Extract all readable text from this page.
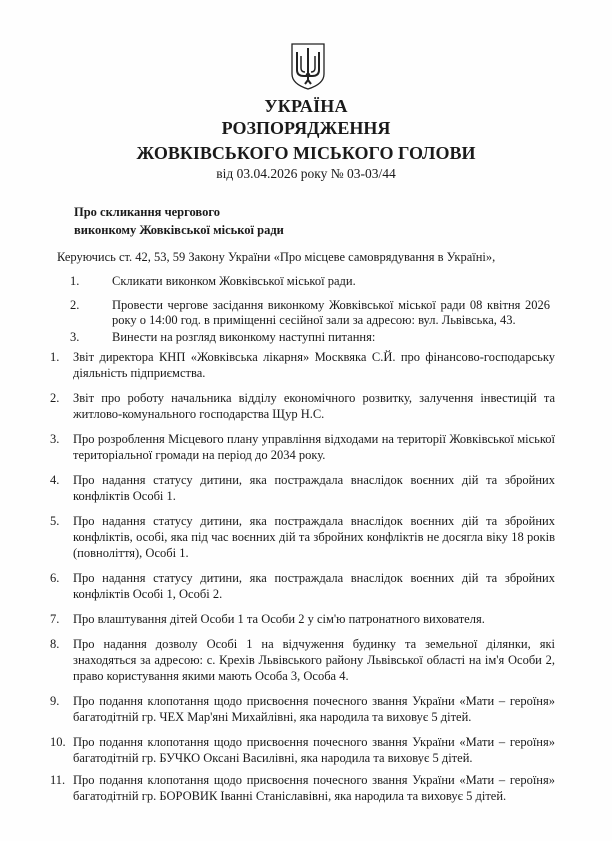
УКРАЇНА
РОЗПОРЯДЖЕННЯ
ЖОВКІВСЬКОГО МІСЬКОГО ГОЛОВИ
від 03.04.2026 року № 03-03/44
Про скликання чергового
виконкому Жовківської міської ради
Керуючись ст. 42, 53, 59 Закону України «Про місцеве самоврядування в Україні»,
1.	Скликати виконком Жовківської міської ради.
2.	Провести чергове засідання виконкому Жовківської міської ради 08 квітня 2026 року о 14:00 год. в приміщенні сесійної зали за адресою: вул. Львівська, 43.
3.	Винести на розгляд виконкому наступні питання:
1.	Звіт директора КНП «Жовківська лікарня» Москвяка С.Й. про фінансово-господарську діяльність підприємства.
2.	Звіт про роботу начальника відділу економічного розвитку, залучення інвестицій та житлово-комунального господарства Щур Н.С.
3.	Про розроблення Місцевого плану управління відходами на території Жовківської міської територіальної громади на період до 2034 року.
4.	Про надання статусу дитини, яка постраждала внаслідок воєнних дій та збройних конфліктів Особі 1.
5.	Про надання статусу дитини, яка постраждала внаслідок воєнних дій та збройних конфліктів, особі, яка під час воєнних дій та збройних конфліктів не досягла віку 18 років (повноліття), Особі 1.
6.	Про надання статусу дитини, яка постраждала внаслідок воєнних дій та збройних конфліктів Особі 1, Особі 2.
7.	Про влаштування дітей Особи 1 та Особи 2 у сім'ю патронатного вихователя.
8.	Про надання дозволу Особі 1 на відчуження будинку та земельної ділянки, які знаходяться за адресою: с. Крехів Львівського району Львівської області на ім'я Особи 2, право користування якими мають Особа 3, Особа 4.
9.	Про подання клопотання щодо присвоєння почесного звання України «Мати – героїня» багатодітній гр. ЧЕХ Мар'яні Михайлівні, яка народила та виховує 5 дітей.
10. Про подання клопотання щодо присвоєння почесного звання України «Мати – героїня» багатодітній гр. БУЧКО Оксані Василівні, яка народила та виховує 5 дітей.
11. Про подання клопотання щодо присвоєння почесного звання України «Мати – героїня» багатодітній гр. БОРОВИК Іванні Станіславівні, яка народила та виховує 5 дітей.
